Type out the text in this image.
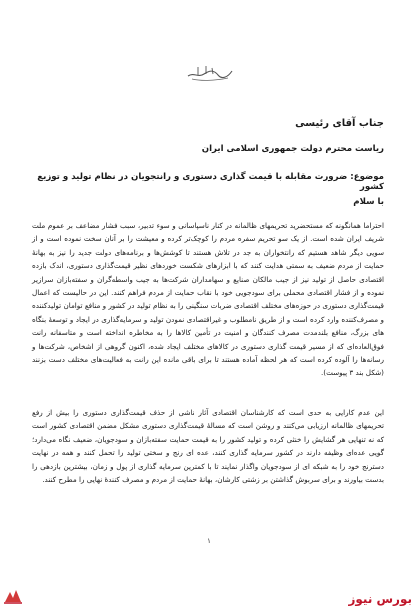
جناب آقای رئیسی

ریاست محترم دولت جمهوری اسلامی ایران

موضوع: ضرورت مقابله با قیمت گذاری دستوری و رانتجویان در نظام تولید و توزیع کشور

با سلام

احتراما همانگونه که مستحضرید تحریمهای ظالمانه در کنار ناسپاسانی و سوء تدبیر، سبب فشار مضاعف بر عموم ملت شریف ایران شده است. از یک سو تحریم سفره مردم را کوچک‌تر کرده و معیشت را بر آنان سخت نموده است و از سویی دیگر شاهد هستیم که رانتخواران به جد در تلاش هستند تا کوشش‌ها و برنامه‌های دولت جدید را نیز به بهانهٔ حمایت از مردم ضعیف به سمتی هدایت کنند که با ابزارهای شکست خوردهای نظیر قیمت‌گذاری دستوری، اندک بازده اقتصادی حاصل از تولید نیز از جیب مالکان صنایع و سهامداران شرکت‌ها به جیب واسطه‌گران و سفته‌بازان سرازیر نموده و از فشار اقتصادی محملی برای سودجویی خود با نقاب حمایت از مردم فراهم کنند. این در حالیست که اعمال قیمت‌گذاری دستوری در حوزه‌های مختلف اقتصادی ضربات سنگینی را به نظام تولید در کشور و منافع توامان تولیدکننده و مصرف‌کننده وارد کرده است و از طریق نامطلوب و غیراقتصادی نمودن تولید و سرمایه‌گذاری در ایجاد و توسعهٔ بنگاه های بزرگ، منافع بلندمدت مصرف کنندگان و امنیت در تأمین کالاها را به مخاطره انداخته است و متاسفانه رانت فوق‌العاده‌ای که از مسیر قیمت گذاری دستوری در کالاهای مختلف ایجاد شده، اکنون گروهی از اشخاص، شرکت‌ها و رسانه‌ها را آلوده کرده است که هر لحظه آماده هستند تا برای باقی مانده این رانت به فعالیت‌های مختلف دست بزنند (شکل بند ۳ پیوست).

این عدم کارایی به حدی است که کارشناسان اقتصادی آثار ناشی از حذف قیمت‌گذاری دستوری را بیش از رفع تحریمهای ظالمانه ارزیابی می‌کنند و روشن است که مسالهٔ قیمت‌گذاری دستوری مشکل مضمن اقتصادی کشور است که نه تنهایی هر گشایش را خنثی کرده و تولید کشور را به قیمت حمایت سفته‌بازان و سودجویان، ضعیف نگاه می‌دارد؛ گویی عده‌ای وظیفه دارند در کشور سرمایه گذاری کنند، عده ای رنج و سختی تولید را تحمل کنند و همه در نهایت دسترنج خود را به شبکه ای از سودجویان واگذار نمایند تا با کمترین سرمایه گذاری از پول و زمان، بیشترین بازدهی را بدست بیاورند و برای سربوش گذاشتن بر زشتی کارشان، بهانهٔ حمایت از مردم و مصرف کنندهٔ نهایی را مطرح کنند.

۱
بورس نیوز
